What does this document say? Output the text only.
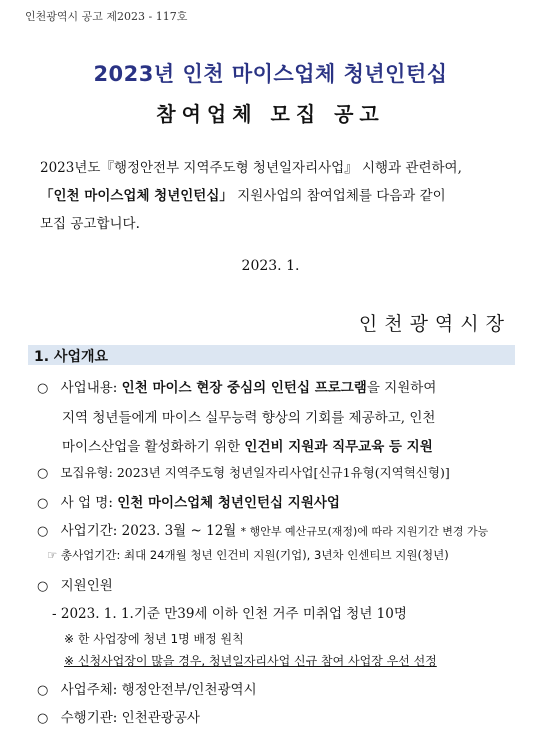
인천광역시 공고 제2023 - 117호
2023년 인천 마이스업체 청년인턴십
참여업체 모집 공고
2023년도『행정안전부 지역주도형 청년일자리사업』 시행과 관련하여,
「인천 마이스업체 청년인턴십」 지원사업의 참여업체를 다음과 같이
모집 공고합니다.
2023. 1.
인천광역시장
1. 사업개요
○ 사업내용: 인천 마이스 현장 중심의 인턴십 프로그램을 지원하여
지역 청년들에게 마이스 실무능력 향상의 기회를 제공하고, 인천
마이스산업을 활성화하기 위한 인건비 지원과 직무교육 등 지원
○ 모집유형: 2023년 지역주도형 청년일자리사업[신규1유형(지역혁신형)]
○ 사 업 명: 인천 마이스업체 청년인턴십 지원사업
○ 사업기간: 2023. 3월 ~ 12월 * 행안부 예산규모(재정)에 따라 지원기간 변경 가능
☞ 총사업기간: 최대 24개월 청년 인건비 지원(기업), 3년차 인센티브 지원(청년)
○ 지원인원
- 2023. 1. 1.기준 만39세 이하 인천 거주 미취업 청년 10명
※ 한 사업장에 청년 1명 배정 원칙
※ 신청사업장이 많을 경우, 청년일자리사업 신규 참여 사업장 우선 선정
○ 사업주체: 행정안전부/인천광역시
○ 수행기관: 인천관광공사
